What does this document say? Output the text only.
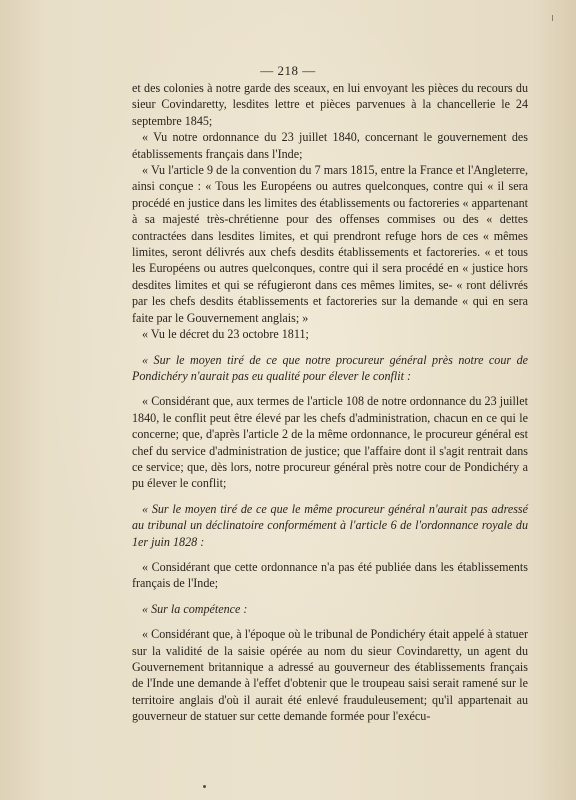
— 218 —

et des colonies à notre garde des sceaux, en lui envoyant les pièces du recours du sieur Covindaretty, lesdites lettre et pièces parvenues à la chancellerie le 24 septembre 1845;

« Vu notre ordonnance du 23 juillet 1840, concernant le gouvernement des établissements français dans l'Inde;

« Vu l'article 9 de la convention du 7 mars 1815, entre la France et l'Angleterre, ainsi conçue : « Tous les Européens ou autres quelconques, contre qui « il sera procédé en justice dans les limites des établissements ou factoreries « appartenant à sa majesté très-chrétienne pour des offenses commises ou des « dettes contractées dans lesdites limites, et qui prendront refuge hors de ces « mêmes limites, seront délivrés aux chefs desdits établissements et factoreries. « et tous les Européens ou autres quelconques, contre qui il sera procédé en « justice hors desdites limites et qui se réfugieront dans ces mêmes limites, se- « ront délivrés par les chefs desdits établissements et factoreries sur la demande « qui en sera faite par le Gouvernement anglais; »

« Vu le décret du 23 octobre 1811;

« Sur le moyen tiré de ce que notre procureur général près notre cour de Pondichéry n'aurait pas eu qualité pour élever le conflit :

« Considérant que, aux termes de l'article 108 de notre ordonnance du 23 juillet 1840, le conflit peut être élevé par les chefs d'administration, chacun en ce qui le concerne; que, d'après l'article 2 de la même ordonnance, le procureur général est chef du service d'administration de justice; que l'affaire dont il s'agit rentrait dans ce service; que, dès lors, notre procureur général près notre cour de Pondichéry a pu élever le conflit;

« Sur le moyen tiré de ce que le même procureur général n'aurait pas adressé au tribunal un déclinatoire conformément à l'article 6 de l'ordonnance royale du 1er juin 1828 :

« Considérant que cette ordonnance n'a pas été publiée dans les établissements français de l'Inde;

« Sur la compétence :

« Considérant que, à l'époque où le tribunal de Pondichéry était appelé à statuer sur la validité de la saisie opérée au nom du sieur Covindaretty, un agent du Gouvernement britannique a adressé au gouverneur des établissements français de l'Inde une demande à l'effet d'obtenir que le troupeau saisi serait ramené sur le territoire anglais d'où il aurait été enlevé frauduleusement; qu'il appartenait au gouverneur de statuer sur cette demande formée pour l'exécu-
